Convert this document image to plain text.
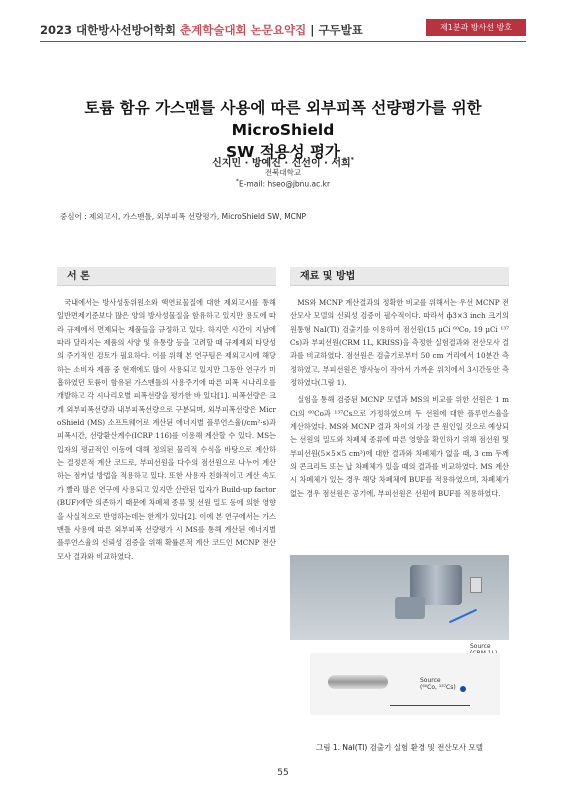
2023 대한방사선방어학회 춘계학술대회 논문요약집 | 구두발표	제1분과 방사선 방호
토륨 함유 가스맨틀 사용에 따른 외부피폭 선량평가를 위한 MicroShield
SW 적용성 평가
신지민 · 방예진 · 신선이 · 서희*
전북대학교
*E-mail: hseo@jbnu.ac.kr
중심어 : 제외고시, 가스맨틀, 외부피폭 선량평가, MicroShield SW, MCNP
서 론

국내에서는 방사성동위원소와 핵연료물질에 대한 제외고시를 통해 일반면제기준보다 많은 양의 방사성물질을 함유하고 있지만 용도에 따라 규제에서 면제되는 제품들을 규정하고 있다. 하지만 시간이 지남에 따라 달라지는 제품의 사양 및 유통량 등을 고려할 때 규제제외 타당성의 주기적인 검토가 필요하다. 이를 위해 본 연구팀은 제외고시에 해당하는 소비자 제품 중 현재에도 많이 사용되고 있지만 그동안 연구가 미흡하였던 토륨이 함유된 가스맨틀의 사용주기에 따른 피폭 시나리오를 개발하고 각 시나리오별 피폭선량을 평가한 바 있다[1]. 피폭선량은 크게 외부피폭선량과 내부피폭선량으로 구분되며, 외부피폭선량은 MicroShield (MS) 소프트웨어로 계산된 에너지별 플루언스율(/cm²·s)과 피폭시간, 선량환산계수(ICRP 116)를 이용해 계산할 수 있다. MS는 입자의 평균적인 이동에 대해 정의된 물리적 수식을 바탕으로 계산하는 결정론적 계산 코드로, 부피선원을 다수의 점선원으로 나누어 계산하는 점커널 방법을 적용하고 있다. 또한 사용자 친화적이고 계산 속도가 빨라 많은 연구에 사용되고 있지만 산란된 입자가 Build-up factor (BUF)에만 의존하기 때문에 차폐체 종류 및 선원 밀도 등에 의한 영향을 사실적으로 반영하는데는 한계가 있다[2]. 이에 본 연구에서는 가스맨틀 사용에 따른 외부피폭 선량평가 시 MS를 통해 계산된 에너지별 플루언스율의 신뢰성 검증을 위해 확률론적 계산 코드인 MCNP 전산모사 결과와 비교하였다.

재료 및 방법

MS와 MCNP 계산결과의 정확한 비교를 위해서는 우선 MCNP 전산모사 모델의 신뢰성 검증이 필수적이다. 따라서 ф3×3 inch 크기의 원통형 NaI(Tl) 검출기를 이용하여 점선원(15 μCi ⁶⁰Co, 19 μCi ¹³⁷Cs)과 부피선원(CRM 1L, KRISS)을 측정한 실험결과와 전산모사 결과를 비교하였다. 점선원은 검출기로부터 50 cm 거리에서 10분간 측정하였고, 부피선원은 방사능이 작아서 가까운 위치에서 3시간동안 측정하였다(그림 1).

실험을 통해 검증된 MCNP 모델과 MS의 비교를 위한 선원은 1 mCi의 ⁶⁰Co과 ¹³⁷Cs으로 가정하였으며 두 선원에 대한 플루언스율을 계산하였다. MS와 MCNP 결과 차이의 가장 큰 원인일 것으로 예상되는 선원의 밀도와 차폐체 종류에 따른 영향을 확인하기 위해 점선원 및 부피선원(5×5×5 cm³)에 대한 결과와 차폐체가 없을 때, 3 cm 두께의 콘크리트 또는 납 차폐체가 있을 때의 결과를 비교하였다. MS 계산 시 차폐체가 있는 경우 해당 차폐체에 BUF를 적용하였으며, 차폐체가 없는 경우 점선원은 공기에, 부피선원은 선원에 BUF를 적용하였다.

Source
Source
(⁶⁰Co, ¹³⁷Cs)
그림 1. NaI(Tl) 검출기 실험 환경 및 전산모사 모델
55
